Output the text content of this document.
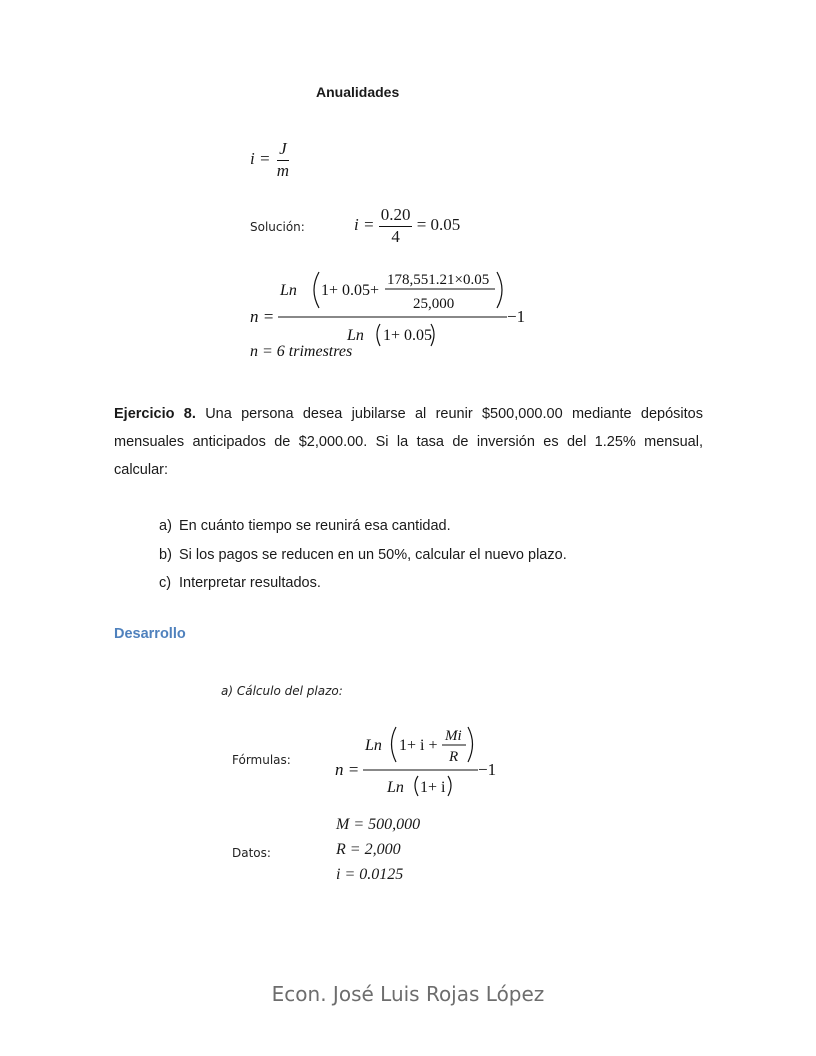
Anualidades
$i = \frac{J}{m}$
Solución:	$i = \frac{0.20}{4} = 0.05$
n =
Ln 1+ 0.05+
178,551.21×0.05
25,000
Ln 1+ 0.05
−1
n = 6 trimestres
Ejercicio 8. Una persona desea jubilarse al reunir $500,000.00 mediante depósitos mensuales anticipados de $2,000.00. Si la tasa de inversión es del 1.25% mensual, calcular:
a) En cuánto tiempo se reunirá esa cantidad.
b) Si los pagos se reducen en un 50%, calcular el nuevo plazo.
c) Interpretar resultados.
Desarrollo
a) Cálculo del plazo:
Fórmulas:	n =
Ln 1+ i +
Mi
R
Ln 1+ i
−1
Datos:
M = 500,000
R = 2,000
i = 0.0125
Econ. José Luis Rojas López
